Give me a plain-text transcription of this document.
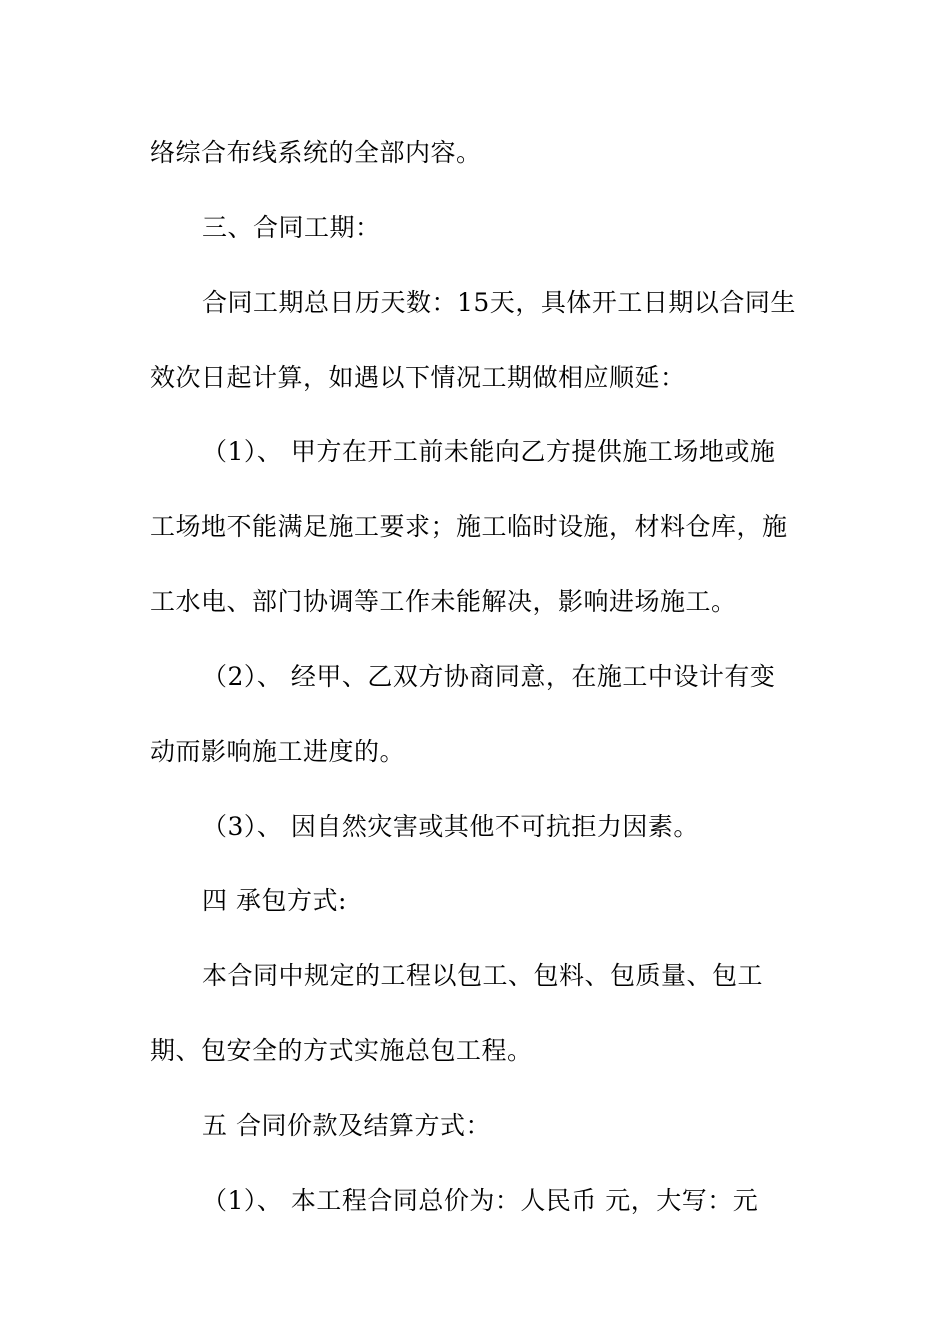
络综合布线系统的全部内容。
三、合同工期：
合同工期总日历天数：15天，具体开工日期以合同生
效次日起计算，如遇以下情况工期做相应顺延：
（1）、 甲方在开工前未能向乙方提供施工场地或施
工场地不能满足施工要求；施工临时设施，材料仓库，施
工水电、部门协调等工作未能解决，影响进场施工。
（2）、 经甲、乙双方协商同意，在施工中设计有变
动而影响施工进度的。
（3）、 因自然灾害或其他不可抗拒力因素。
四 承包方式:
本合同中规定的工程以包工、包料、包质量、包工
期、包安全的方式实施总包工程。
五 合同价款及结算方式：
（1）、 本工程合同总价为：人民币 元，大写：元
